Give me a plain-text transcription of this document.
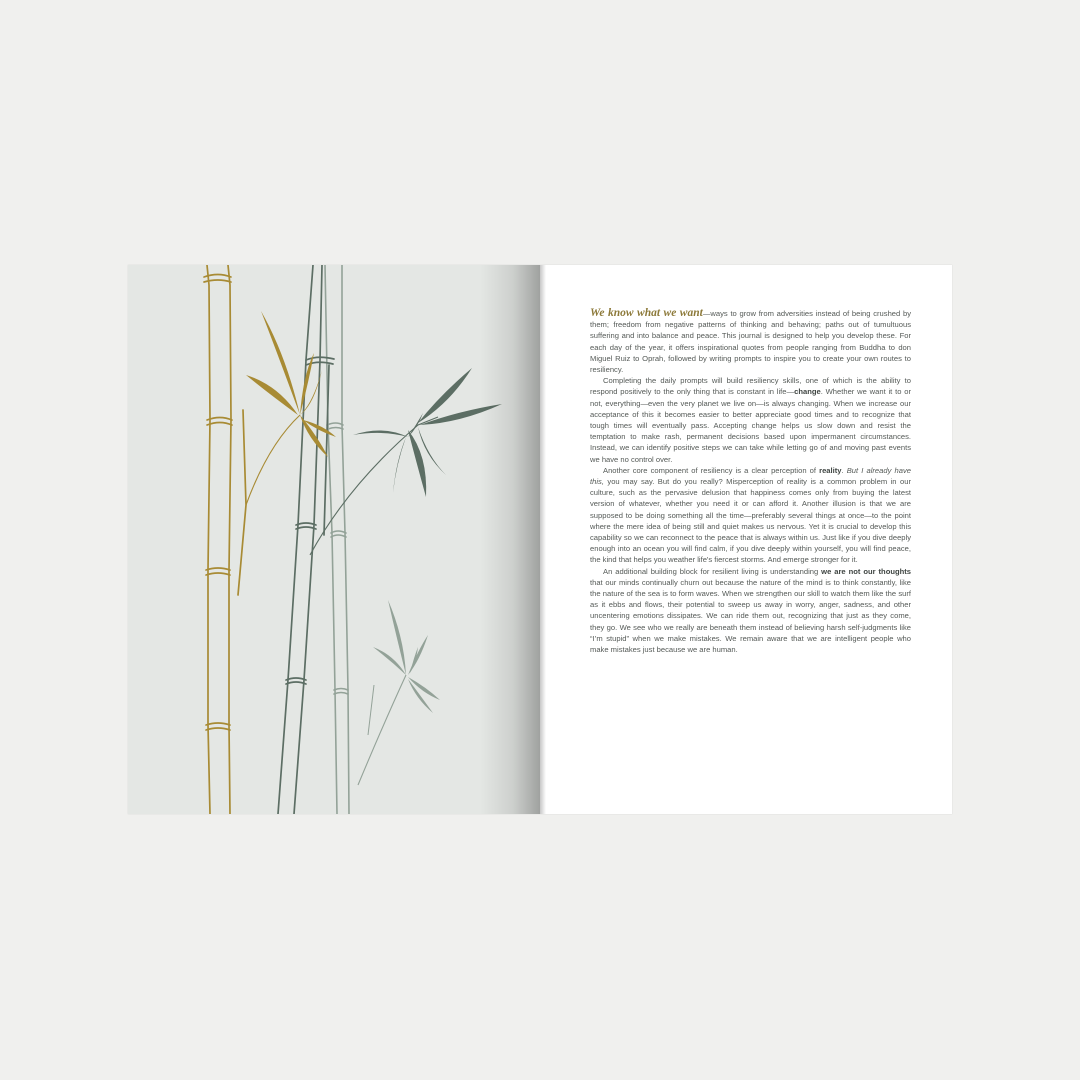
We know what we want—ways to grow from adversities instead of being crushed by them; freedom from negative patterns of thinking and behaving; paths out of tumultuous suffering and into balance and peace. This journal is designed to help you develop these. For each day of the year, it offers inspirational quotes from people ranging from Buddha to don Miguel Ruiz to Oprah, followed by writing prompts to inspire you to create your own routes to resiliency.

Completing the daily prompts will build resiliency skills, one of which is the ability to respond positively to the only thing that is constant in life—change. Whether we want it to or not, everything—even the very planet we live on—is always changing. When we increase our acceptance of this it becomes easier to better appreciate good times and to recognize that tough times will eventually pass. Accepting change helps us slow down and resist the temptation to make rash, permanent decisions based upon impermanent circumstances. Instead, we can identify positive steps we can take while letting go of and moving past events we have no control over.

Another core component of resiliency is a clear perception of reality. But I already have this, you may say. But do you really? Misperception of reality is a common problem in our culture, such as the pervasive delusion that happiness comes only from buying the latest version of whatever, whether you need it or can afford it. Another illusion is that we are supposed to be doing something all the time—preferably several things at once—to the point where the mere idea of being still and quiet makes us nervous. Yet it is crucial to develop this capability so we can reconnect to the peace that is always within us. Just like if you dive deeply enough into an ocean you will find calm, if you dive deeply within yourself, you will find peace, the kind that helps you weather life's fiercest storms. And emerge stronger for it.

An additional building block for resilient living is understanding we are not our thoughts that our minds continually churn out because the nature of the mind is to think constantly, like the nature of the sea is to form waves. When we strengthen our skill to watch them like the surf as it ebbs and flows, their potential to sweep us away in worry, anger, sadness, and other uncentering emotions dissipates. We can ride them out, recognizing that just as they come, they go. We see who we really are beneath them instead of believing harsh self-judgments like “I’m stupid” when we make mistakes. We remain aware that we are intelligent people who make mistakes just because we are human.
